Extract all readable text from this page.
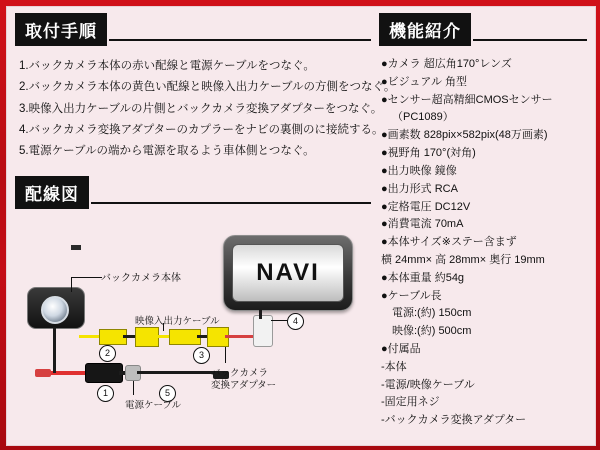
取付手順
1.バックカメラ本体の赤い配線と電源ケーブルをつなぐ。
2.バックカメラ本体の黄色い配線と映像入出力ケーブルの方側をつなぐ。
3.映像入出力ケーブルの片側とバックカメラ変換アダプターをつなぐ。
4.バックカメラ変換アダプターのカプラーをナビの裏側のに接続する。
5.電源ケーブルの端から電源を取るよう車体側とつなぐ。
配線図
NAVI
バックカメラ本体
2	3
4
1	5
映像入出力ケーブル
バックカメラ
変換アダプター
電源ケーブル
機能紹介
●カメラ 超広角170°レンズ
●ビジュアル 角型
●センサー超高精細CMOSセンサー
（PC1089）
●画素数 828pix×582pix(48万画素)
●視野角 170°(対角)
●出力映像 鏡像
●出力形式 RCA
●定格電圧 DC12V
●消費電流 70mA
●本体サイズ※ステー含まず
横 24mm× 高 28mm× 奥行 19mm
●本体重量 約54g
●ケーブル長
電源:(約) 150cm
映像:(約) 500cm
●付属品
-本体
-電源/映像ケーブル
-固定用ネジ
-バックカメラ変換アダプター
